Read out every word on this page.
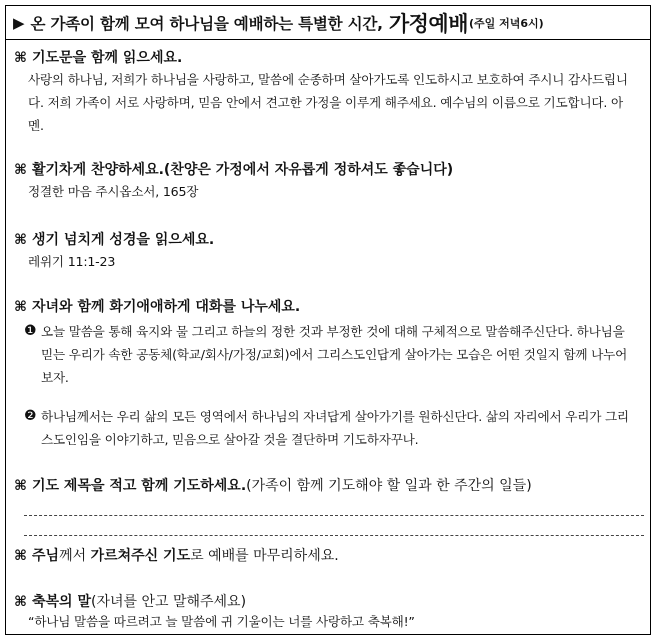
▶ 온 가족이 함께 모여 하나님을 예배하는 특별한 시간, 가정예배 (주일 저녁6시)
⌘ 기도문을 함께 읽으세요.
사랑의 하나님, 저희가 하나님을 사랑하고, 말씀에 순종하며 살아가도록 인도하시고 보호하여 주시니 감사드립니다. 저희 가족이 서로 사랑하며, 믿음 안에서 견고한 가정을 이루게 해주세요. 예수님의 이름으로 기도합니다. 아멘.
⌘ 활기차게 찬양하세요.(찬양은 가정에서 자유롭게 정하셔도 좋습니다)
정결한 마음 주시옵소서, 165장
⌘ 생기 넘치게 성경을 읽으세요.
레위기 11:1-23
⌘ 자녀와 함께 화기애애하게 대화를 나누세요.
❶ 오늘 말씀을 통해 육지와 물 그리고 하늘의 정한 것과 부정한 것에 대해 구체적으로 말씀해주신단다. 하나님을 믿는 우리가 속한 공동체(학교/회사/가정/교회)에서 그리스도인답게 살아가는 모습은 어떤 것일지 함께 나누어보자.
❷ 하나님께서는 우리 삶의 모든 영역에서 하나님의 자녀답게 살아가기를 원하신단다. 삶의 자리에서 우리가 그리스도인임을 이야기하고, 믿음으로 살아갈 것을 결단하며 기도하자꾸나.
⌘ 기도 제목을 적고 함께 기도하세요.(가족이 함께 기도해야 할 일과 한 주간의 일들)
⌘ 주님께서 가르쳐주신 기도로 예배를 마무리하세요.
⌘ 축복의 말(자녀를 안고 말해주세요)
“하나님 말씀을 따르려고 늘 말씀에 귀 기울이는 너를 사랑하고 축복해!”
